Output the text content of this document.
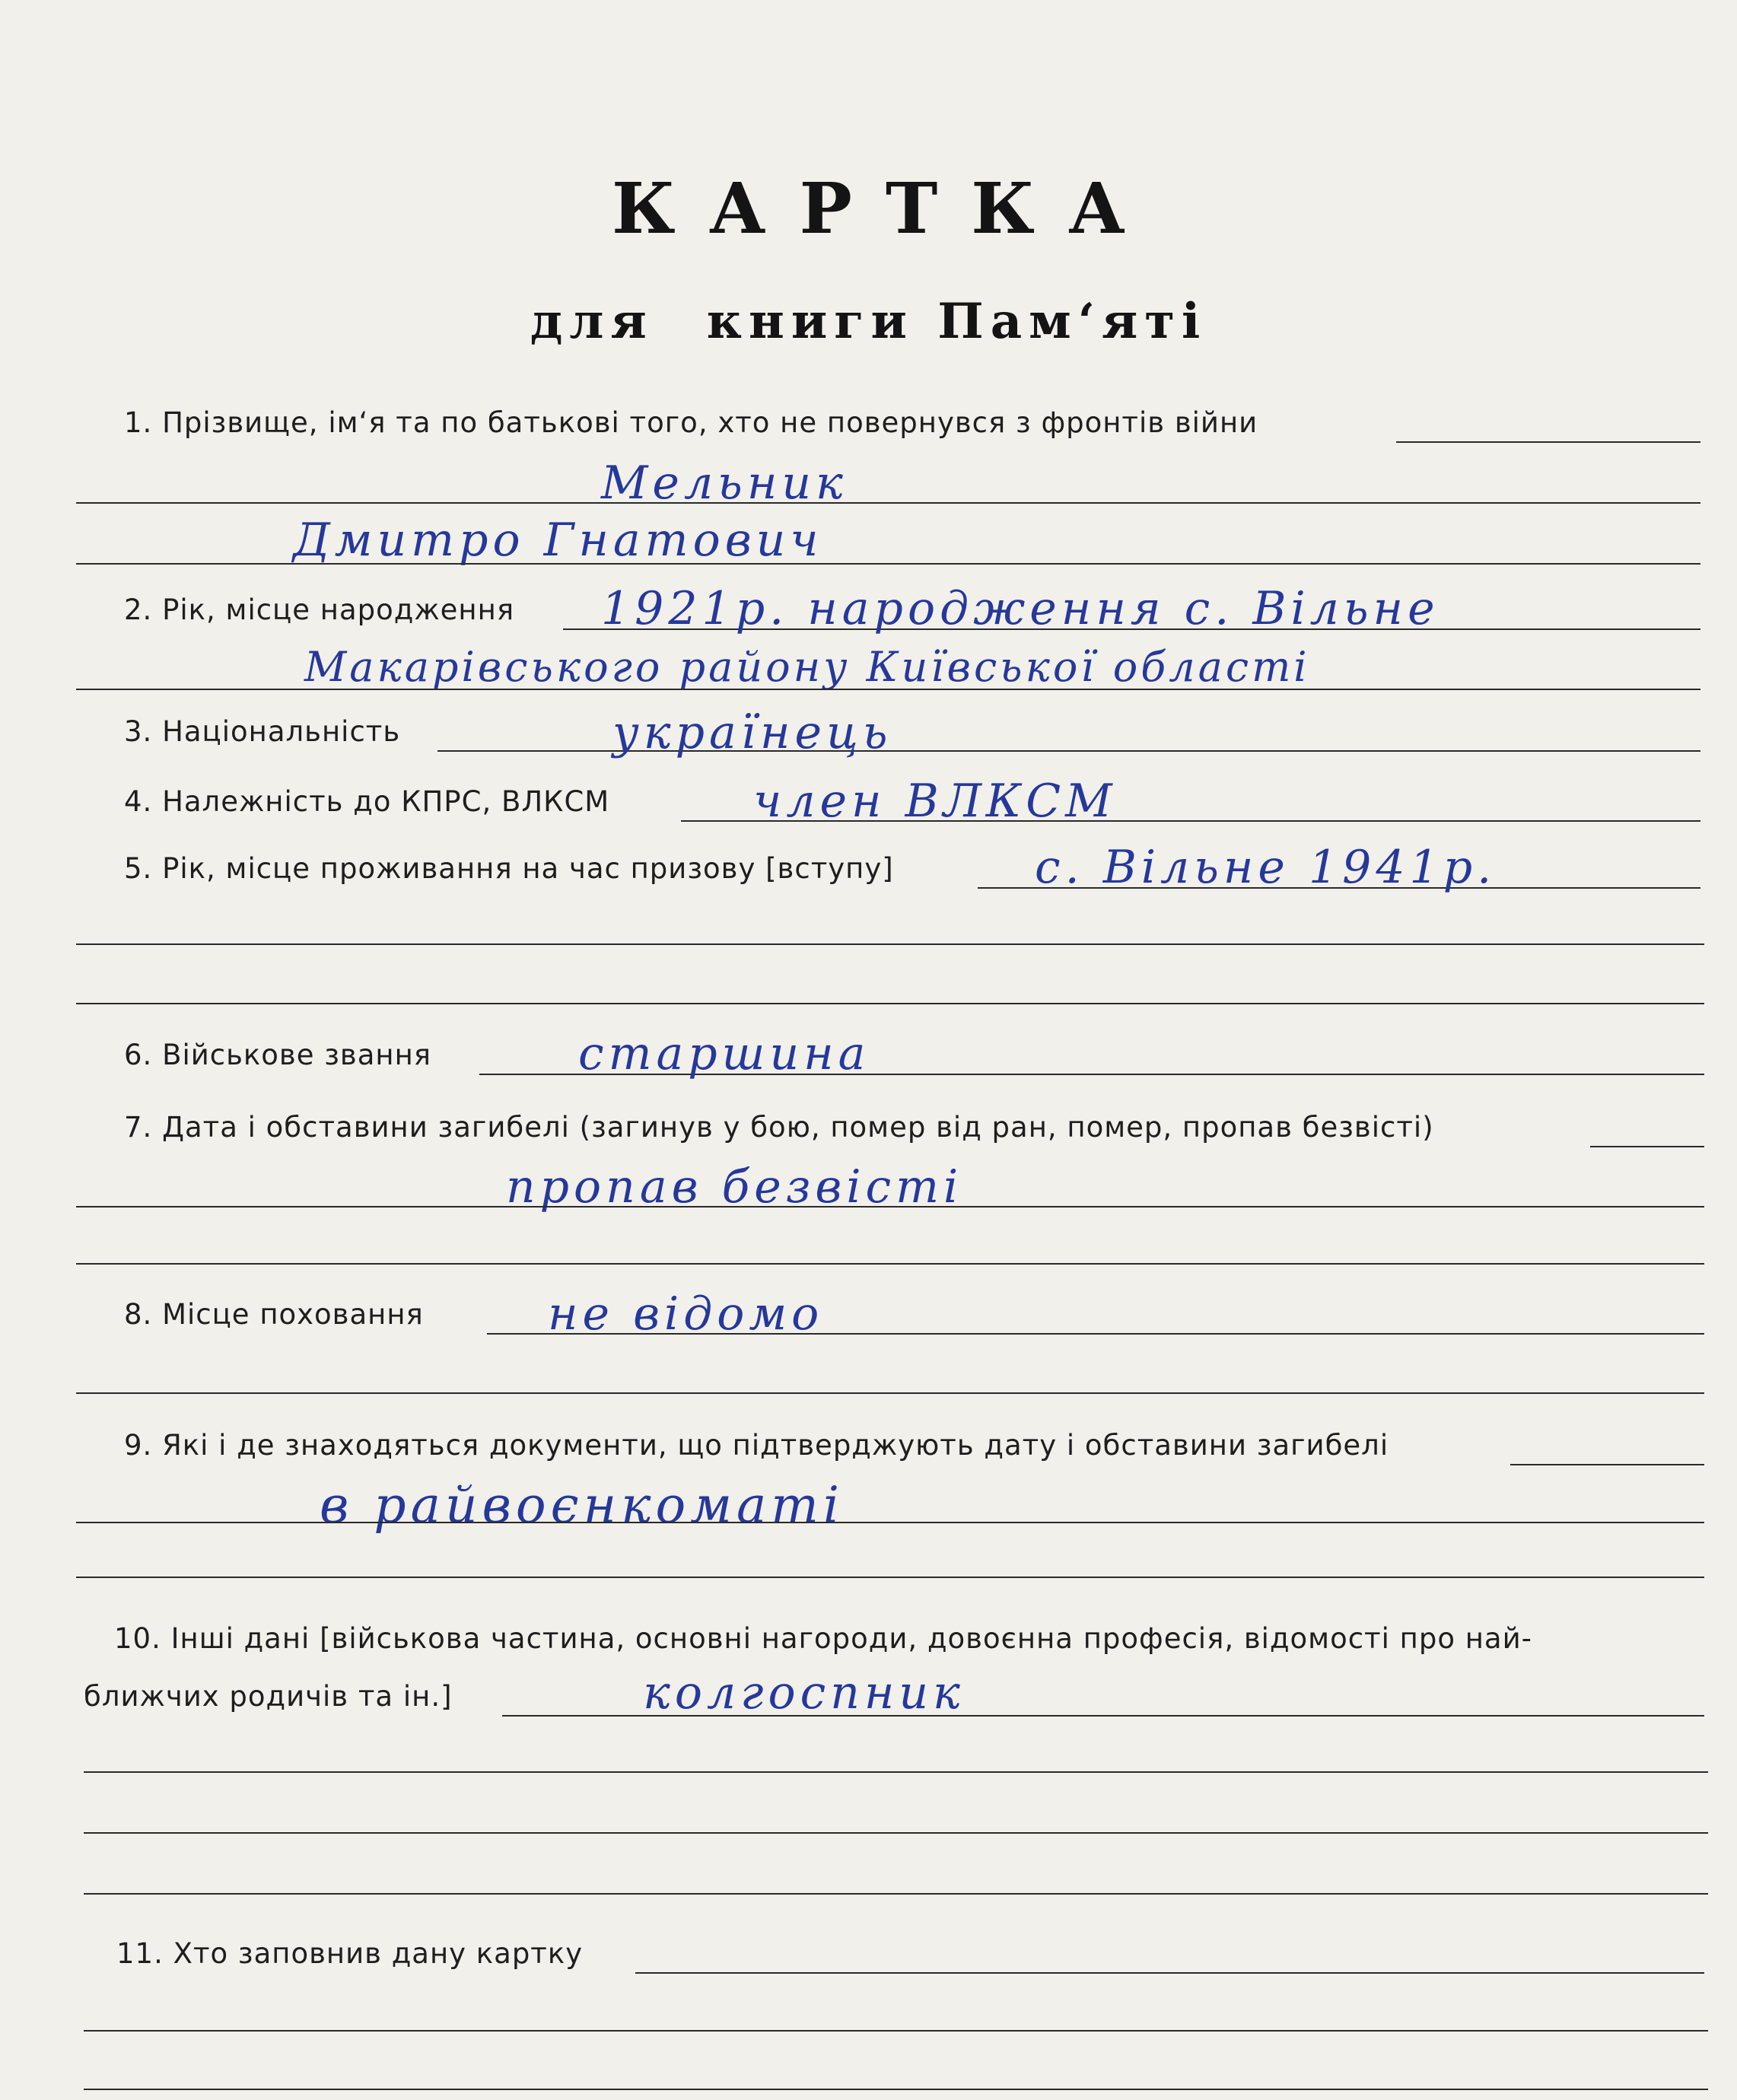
КАРТКА
для книги Пам‘яті
1. Прізвище, ім‘я та по батькові того, хто не повернувся з фронтів війни
Мельник
Дмитро Гнатович
2. Рік, місце народження 1921р. народження с. Вільне
Макарівського району Київської області
3. Національність	українець
4. Належність до КПРС, ВЛКСМ	член ВЛКСМ
5. Рік, місце проживання на час призову [вступу]	с. Вільне 1941р.
6. Військове звання	старшина
7. Дата і обставини загибелі (загинув у бою, помер від ран, помер, пропав безвісті)
пропав безвісті
8. Місце поховання	не відомо
9. Які і де знаходяться документи, що підтверджують дату і обставини загибелі
в райвоєнкоматі
10. Інші дані [військова частина, основні нагороди, довоєнна професія, відомості про най-
ближчих родичів та ін.]	колгоспник
11. Хто заповнив дану картку
